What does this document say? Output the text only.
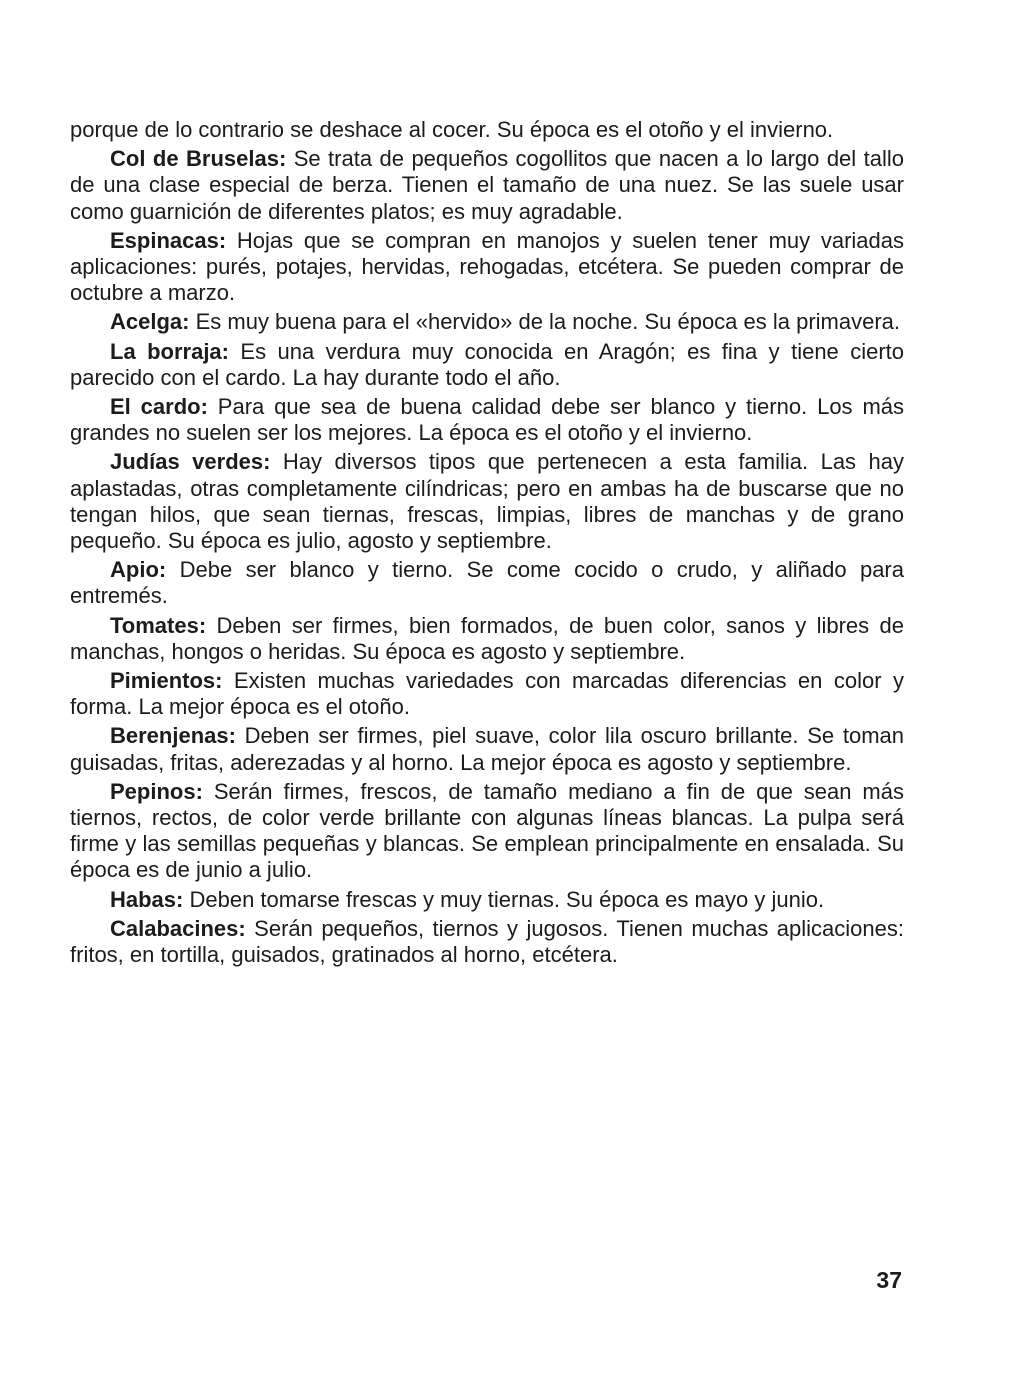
porque de lo contrario se deshace al cocer. Su época es el otoño y el invierno.

Col de Bruselas: Se trata de pequeños cogollitos que nacen a lo largo del tallo de una clase especial de berza. Tienen el tamaño de una nuez. Se las suele usar como guarnición de diferentes platos; es muy agradable.

Espinacas: Hojas que se compran en manojos y suelen tener muy variadas aplicaciones: purés, potajes, hervidas, rehogadas, etcétera. Se pueden comprar de octubre a marzo.

Acelga: Es muy buena para el «hervido» de la noche. Su época es la primavera.

La borraja: Es una verdura muy conocida en Aragón; es fina y tiene cierto parecido con el cardo. La hay durante todo el año.

El cardo: Para que sea de buena calidad debe ser blanco y tierno. Los más grandes no suelen ser los mejores. La época es el otoño y el invierno.

Judías verdes: Hay diversos tipos que pertenecen a esta familia. Las hay aplastadas, otras completamente cilíndricas; pero en ambas ha de buscarse que no tengan hilos, que sean tiernas, frescas, limpias, libres de manchas y de grano pequeño. Su época es julio, agosto y septiembre.

Apio: Debe ser blanco y tierno. Se come cocido o crudo, y aliñado para entremés.

Tomates: Deben ser firmes, bien formados, de buen color, sanos y libres de manchas, hongos o heridas. Su época es agosto y septiembre.

Pimientos: Existen muchas variedades con marcadas diferencias en color y forma. La mejor época es el otoño.

Berenjenas: Deben ser firmes, piel suave, color lila oscuro brillante. Se toman guisadas, fritas, aderezadas y al horno. La mejor época es agosto y septiembre.

Pepinos: Serán firmes, frescos, de tamaño mediano a fin de que sean más tiernos, rectos, de color verde brillante con algunas líneas blancas. La pulpa será firme y las semillas pequeñas y blancas. Se emplean principalmente en ensalada. Su época es de junio a julio.

Habas: Deben tomarse frescas y muy tiernas. Su época es mayo y junio.

Calabacines: Serán pequeños, tiernos y jugosos. Tienen muchas aplicaciones: fritos, en tortilla, guisados, gratinados al horno, etcétera.

37
